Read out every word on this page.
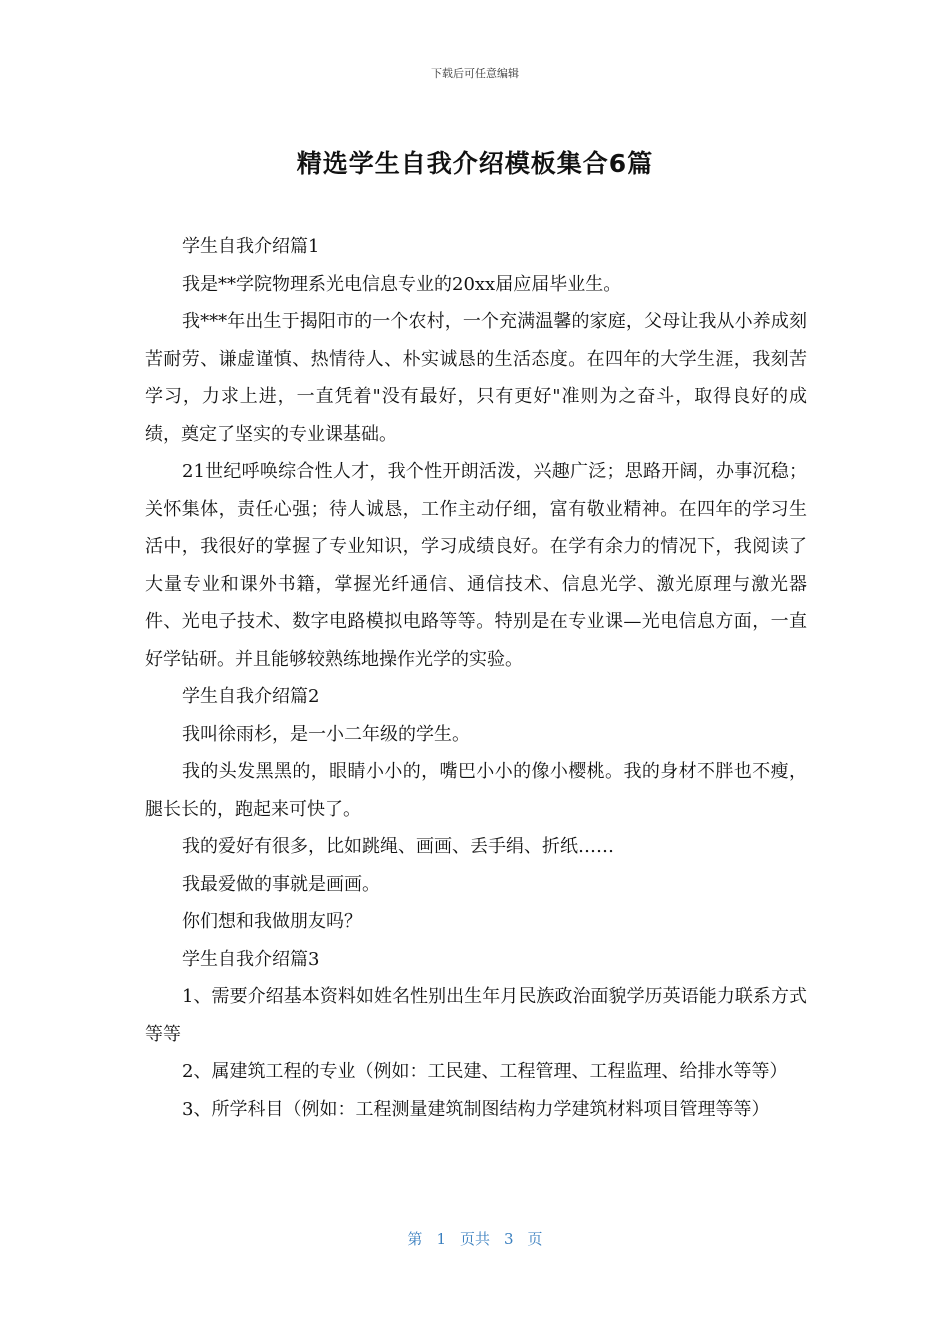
下载后可任意编辑
精选学生自我介绍模板集合6篇

学生自我介绍篇1

我是**学院物理系光电信息专业的20xx届应届毕业生。

我***年出生于揭阳市的一个农村，一个充满温馨的家庭，父母让我从小养成刻苦耐劳、谦虚谨慎、热情待人、朴实诚恳的生活态度。在四年的大学生涯，我刻苦学习，力求上进，一直凭着"没有最好，只有更好"准则为之奋斗，取得良好的成绩，奠定了坚实的专业课基础。

21世纪呼唤综合性人才，我个性开朗活泼，兴趣广泛；思路开阔，办事沉稳；关怀集体，责任心强；待人诚恳，工作主动仔细，富有敬业精神。在四年的学习生活中，我很好的掌握了专业知识，学习成绩良好。在学有余力的情况下，我阅读了大量专业和课外书籍，掌握光纤通信、通信技术、信息光学、激光原理与激光器件、光电子技术、数字电路模拟电路等等。特别是在专业课—光电信息方面，一直好学钻研。并且能够较熟练地操作光学的实验。

学生自我介绍篇2

我叫徐雨杉，是一小二年级的学生。

我的头发黑黑的，眼睛小小的，嘴巴小小的像小樱桃。我的身材不胖也不瘦，腿长长的，跑起来可快了。

我的爱好有很多，比如跳绳、画画、丢手绢、折纸……

我最爱做的事就是画画。

你们想和我做朋友吗？

学生自我介绍篇3

1、需要介绍基本资料如姓名性别出生年月民族政治面貌学历英语能力联系方式等等

2、属建筑工程的专业（例如：工民建、工程管理、工程监理、给排水等等）

3、所学科目（例如：工程测量建筑制图结构力学建筑材料项目管理等等）

第 1 页共 3 页
